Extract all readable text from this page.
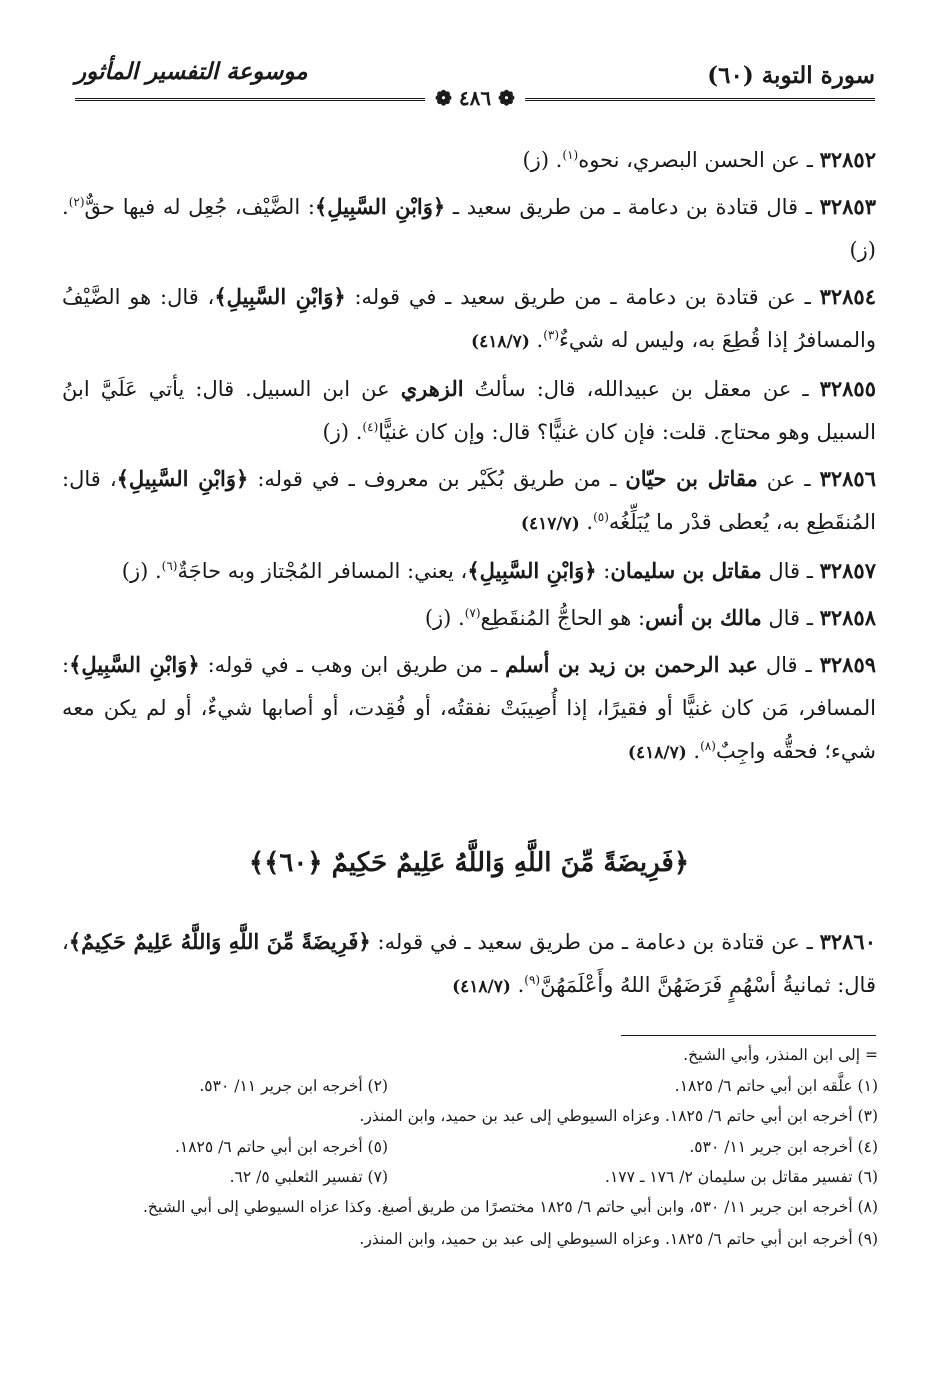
سورة التوبة (٦٠)
موسوعة التفسير المأثور
❁ ٤٨٦ ❁

٣٢٨٥٢ ـ عن الحسن البصري، نحوه$^{(١)}$. (ز)

٣٢٨٥٣ ـ قال قتادة بن دعامة ـ من طريق سعيد ـ ﴿وَابْنِ السَّبِيلِ﴾: الضَّيْف، جُعِل له فيها حقٌّ$^{(٢)}$. (ز)

٣٢٨٥٤ ـ عن قتادة بن دعامة ـ من طريق سعيد ـ في قوله: ﴿وَابْنِ السَّبِيلِ﴾، قال: هو الضَّيْفُ والمسافرُ إذا قُطِعَ به، وليس له شيءٌ$^{(٣)}$. (٤١٨/٧)

٣٢٨٥٥ ـ عن معقل بن عبيدالله، قال: سألتُ الزهري عن ابن السبيل. قال: يأتي عَلَيَّ ابنُ السبيل وهو محتاج. قلت: فإن كان غنيًّا؟ قال: وإن كان غنيًّا$^{(٤)}$. (ز)

٣٢٨٥٦ ـ عن مقاتل بن حيّان ـ من طريق بُكَيْر بن معروف ـ في قوله: ﴿وَابْنِ السَّبِيلِ﴾، قال: المُنقَطِع به، يُعطى قدْر ما يُبَلِّغُه$^{(٥)}$. (٤١٧/٧)

٣٢٨٥٧ ـ قال مقاتل بن سليمان: ﴿وَابْنِ السَّبِيلِ﴾، يعني: المسافر المُجْتاز وبه حاجَةٌ$^{(٦)}$. (ز)

٣٢٨٥٨ ـ قال مالك بن أنس: هو الحاجُّ المُنقَطِع$^{(٧)}$. (ز)

٣٢٨٥٩ ـ قال عبد الرحمن بن زيد بن أسلم ـ من طريق ابن وهب ـ في قوله: ﴿وَابْنِ السَّبِيلِ﴾: المسافر، مَن كان غنيًّا أو فقيرًا، إذا أُصِيبَتْ نفقتُه، أو فُقِدت، أو أصابها شيءٌ، أو لم يكن معه شيء؛ فحقُّه واجِبٌ$^{(٨)}$. (٤١٨/٧)

﴿فَرِيضَةً مِّنَ اللَّهِ وَاللَّهُ عَلِيمٌ حَكِيمٌ ﴿٦٠﴾﴾

٣٢٨٦٠ ـ عن قتادة بن دعامة ـ من طريق سعيد ـ في قوله: ﴿فَرِيضَةً مِّنَ اللَّهِ وَاللَّهُ عَلِيمٌ حَكِيمٌ﴾، قال: ثمانيةُ أسْهُمٍ فَرَضَهُنَّ اللهُ وأَعْلَمَهُنَّ$^{(٩)}$. (٤١٨/٧)

= إلى ابن المنذر، وأبي الشيخ.
(١) علَّقه ابن أبي حاتم ٦/ ١٨٢٥.
(٢) أخرجه ابن جرير ١١/ ٥٣٠.
(٣) أخرجه ابن أبي حاتم ٦/ ١٨٢٥. وعزاه السيوطي إلى عبد بن حميد، وابن المنذر.
(٤) أخرجه ابن جرير ١١/ ٥٣٠.
(٥) أخرجه ابن أبي حاتم ٦/ ١٨٢٥.
(٦) تفسير مقاتل بن سليمان ٢/ ١٧٦ ـ ١٧٧.
(٧) تفسير الثعلبي ٥/ ٦٢.
(٨) أخرجه ابن جرير ١١/ ٥٣٠، وابن أبي حاتم ٦/ ١٨٢٥ مختصرًا من طريق أصبغ. وكذا عزاه السيوطي إلى أبي الشيخ.
(٩) أخرجه ابن أبي حاتم ٦/ ١٨٢٥. وعزاه السيوطي إلى عبد بن حميد، وابن المنذر.
